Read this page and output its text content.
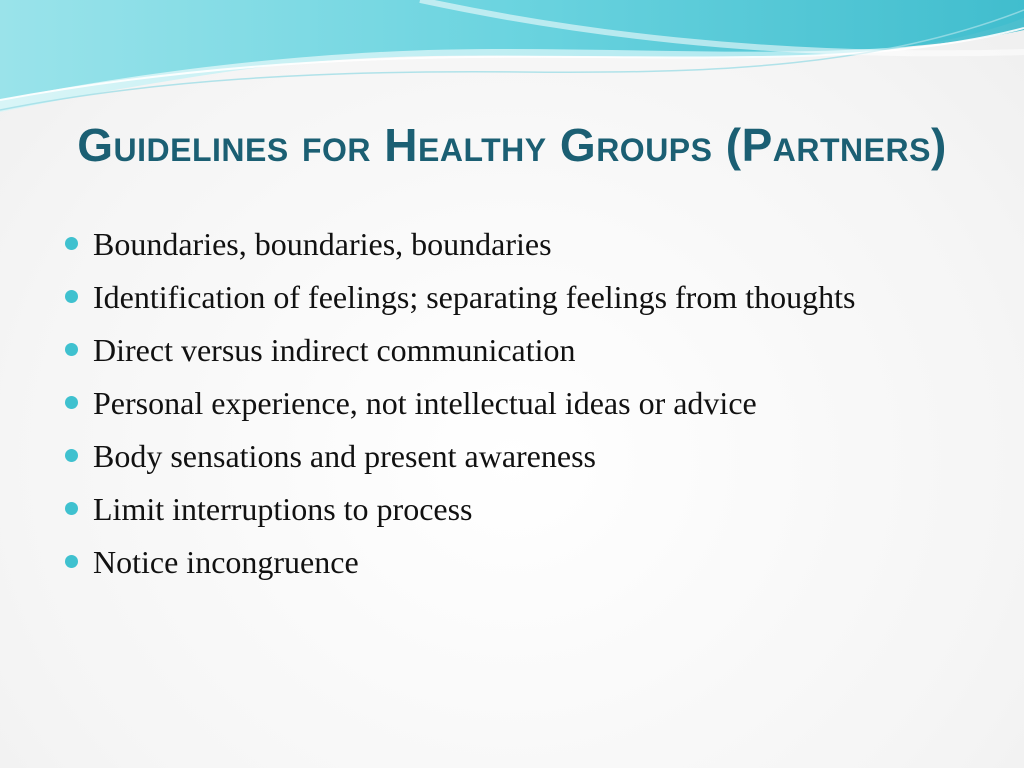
Guidelines for Healthy Groups (Partners)
Boundaries, boundaries, boundaries
Identification of feelings; separating feelings from thoughts
Direct versus indirect communication
Personal experience, not intellectual ideas or advice
Body sensations and present awareness
Limit interruptions to process
Notice incongruence
